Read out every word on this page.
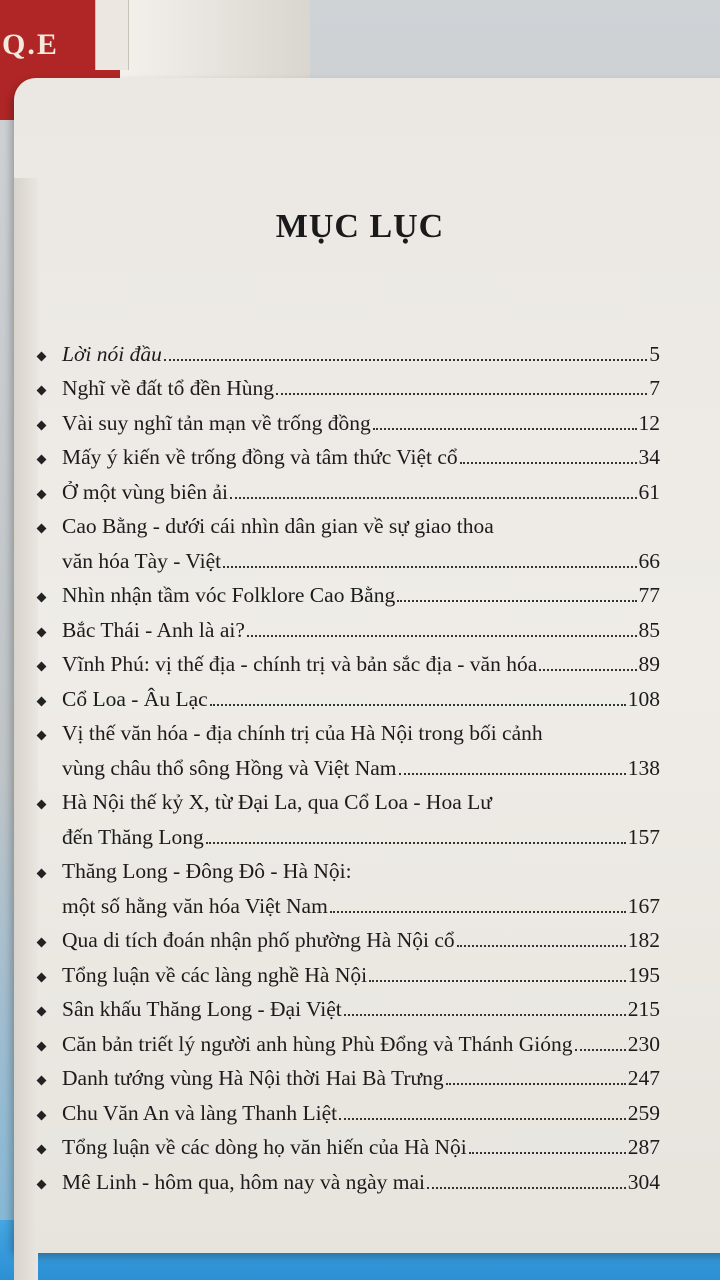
Q.E
MỤC LỤC
Lời nói đầu	5
Nghĩ về đất tổ đền Hùng	7
Vài suy nghĩ tản mạn về trống đồng	12
Mấy ý kiến về trống đồng và tâm thức Việt cổ	34
Ở một vùng biên ải	61
Cao Bằng - dưới cái nhìn dân gian về sự giao thoa
văn hóa Tày - Việt	66
Nhìn nhận tầm vóc Folklore Cao Bằng	77
Bắc Thái - Anh là ai?	85
Vĩnh Phú: vị thế địa - chính trị và bản sắc địa - văn hóa	89
Cổ Loa - Âu Lạc	108
Vị thế văn hóa - địa chính trị của Hà Nội trong bối cảnh
vùng châu thổ sông Hồng và Việt Nam	138
Hà Nội thế kỷ X, từ Đại La, qua Cổ Loa - Hoa Lư
đến Thăng Long	157
Thăng Long - Đông Đô - Hà Nội:
một số hằng văn hóa Việt Nam	167
Qua di tích đoán nhận phố phường Hà Nội cổ	182
Tổng luận về các làng nghề Hà Nội	195
Sân khấu Thăng Long - Đại Việt	215
Căn bản triết lý người anh hùng Phù Đổng và Thánh Gióng	230
Danh tướng vùng Hà Nội thời Hai Bà Trưng	247
Chu Văn An và làng Thanh Liệt	259
Tổng luận về các dòng họ văn hiến của Hà Nội	287
Mê Linh - hôm qua, hôm nay và ngày mai	304
